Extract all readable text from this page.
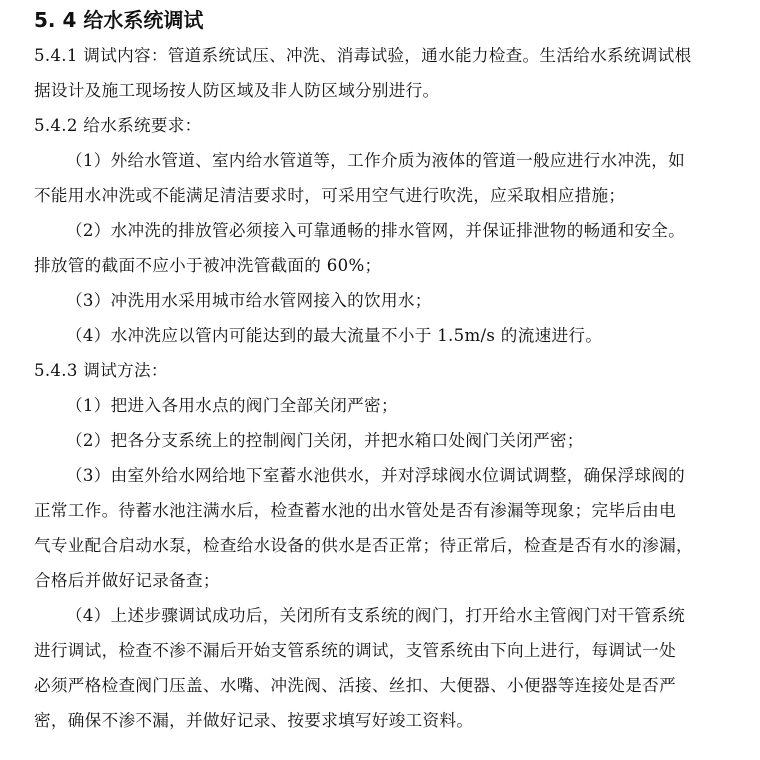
5. 4 给水系统调试
5.4.1 调试内容：管道系统试压、冲洗、消毒试验，通水能力检查。生活给水系统调试根
据设计及施工现场按人防区域及非人防区域分别进行。
5.4.2 给水系统要求：
（1）外给水管道、室内给水管道等，工作介质为液体的管道一般应进行水冲洗，如
不能用水冲洗或不能满足清洁要求时，可采用空气进行吹洗，应采取相应措施；
（2）水冲洗的排放管必须接入可靠通畅的排水管网，并保证排泄物的畅通和安全。
排放管的截面不应小于被冲洗管截面的 60%；
（3）冲洗用水采用城市给水管网接入的饮用水；
（4）水冲洗应以管内可能达到的最大流量不小于 1.5m/s 的流速进行。
5.4.3 调试方法：
（1）把进入各用水点的阀门全部关闭严密；
（2）把各分支系统上的控制阀门关闭，并把水箱口处阀门关闭严密；
（3）由室外给水网给地下室蓄水池供水，并对浮球阀水位调试调整，确保浮球阀的
正常工作。待蓄水池注满水后，检查蓄水池的出水管处是否有渗漏等现象；完毕后由电
气专业配合启动水泵，检查给水设备的供水是否正常；待正常后，检查是否有水的渗漏，
合格后并做好记录备查；
（4）上述步骤调试成功后，关闭所有支系统的阀门，打开给水主管阀门对干管系统
进行调试，检查不渗不漏后开始支管系统的调试，支管系统由下向上进行，每调试一处
必须严格检查阀门压盖、水嘴、冲洗阀、活接、丝扣、大便器、小便器等连接处是否严
密，确保不渗不漏，并做好记录、按要求填写好竣工资料。
